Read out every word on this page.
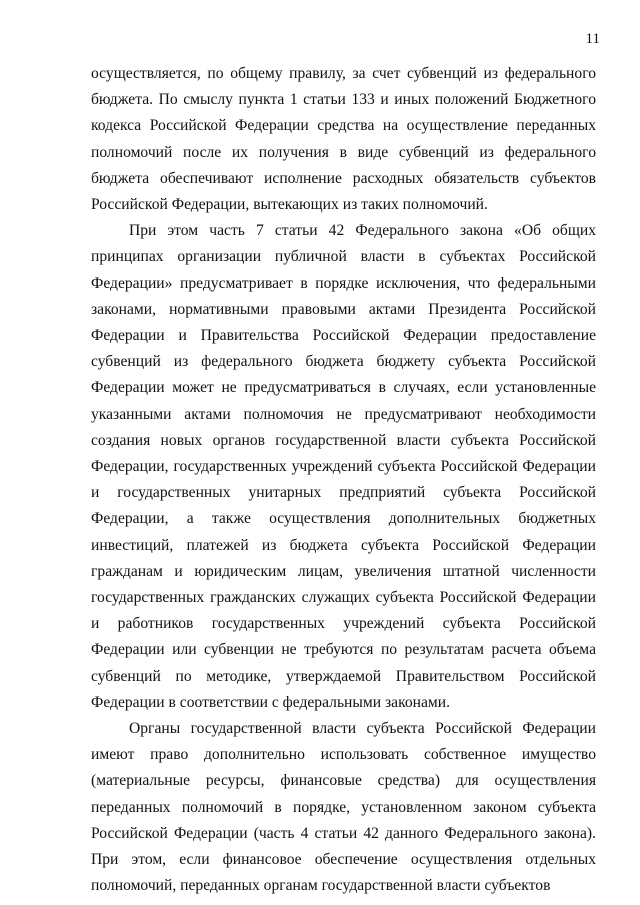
11

осуществляется, по общему правилу, за счет субвенций из федерального бюджета. По смыслу пункта 1 статьи 133 и иных положений Бюджетного кодекса Российской Федерации средства на осуществление переданных полномочий после их получения в виде субвенций из федерального бюджета обеспечивают исполнение расходных обязательств субъектов Российской Федерации, вытекающих из таких полномочий.

При этом часть 7 статьи 42 Федерального закона «Об общих принципах организации публичной власти в субъектах Российской Федерации» предусматривает в порядке исключения, что федеральными законами, нормативными правовыми актами Президента Российской Федерации и Правительства Российской Федерации предоставление субвенций из федерального бюджета бюджету субъекта Российской Федерации может не предусматриваться в случаях, если установленные указанными актами полномочия не предусматривают необходимости создания новых органов государственной власти субъекта Российской Федерации, государственных учреждений субъекта Российской Федерации и государственных унитарных предприятий субъекта Российской Федерации, а также осуществления дополнительных бюджетных инвестиций, платежей из бюджета субъекта Российской Федерации гражданам и юридическим лицам, увеличения штатной численности государственных гражданских служащих субъекта Российской Федерации и работников государственных учреждений субъекта Российской Федерации или субвенции не требуются по результатам расчета объема субвенций по методике, утверждаемой Правительством Российской Федерации в соответствии с федеральными законами.

Органы государственной власти субъекта Российской Федерации имеют право дополнительно использовать собственное имущество (материальные ресурсы, финансовые средства) для осуществления переданных полномочий в порядке, установленном законом субъекта Российской Федерации (часть 4 статьи 42 данного Федерального закона). При этом, если финансовое обеспечение осуществления отдельных полномочий, переданных органам государственной власти субъектов
